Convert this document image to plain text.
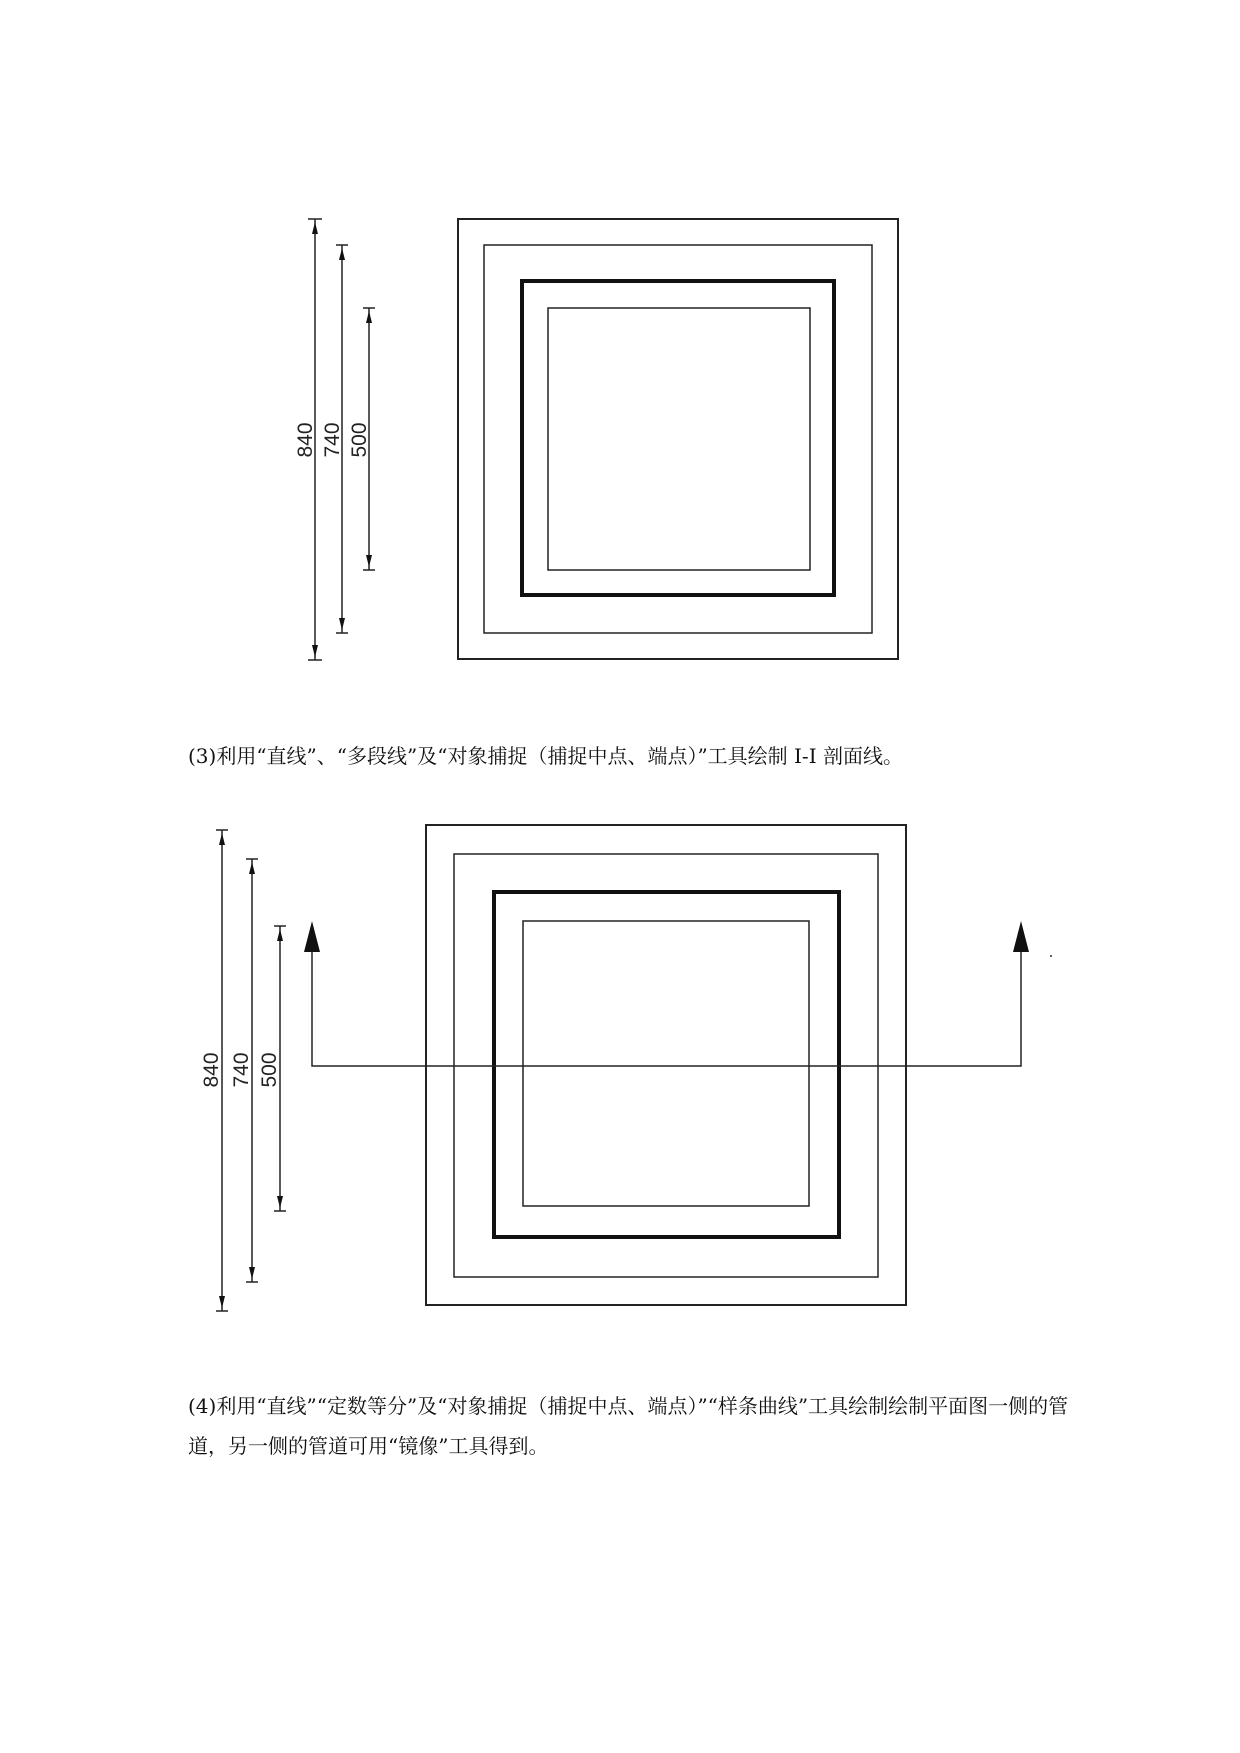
840 740 500
(3)利用“直线”、“多段线”及“对象捕捉（捕捉中点、端点）”工具绘制 I-I 剖面线。
840 740 500
(4)利用“直线”“定数等分”及“对象捕捉（捕捉中点、端点）”“样条曲线”工具绘制绘制平面图一侧的管道，另一侧的管道可用“镜像”工具得到。
